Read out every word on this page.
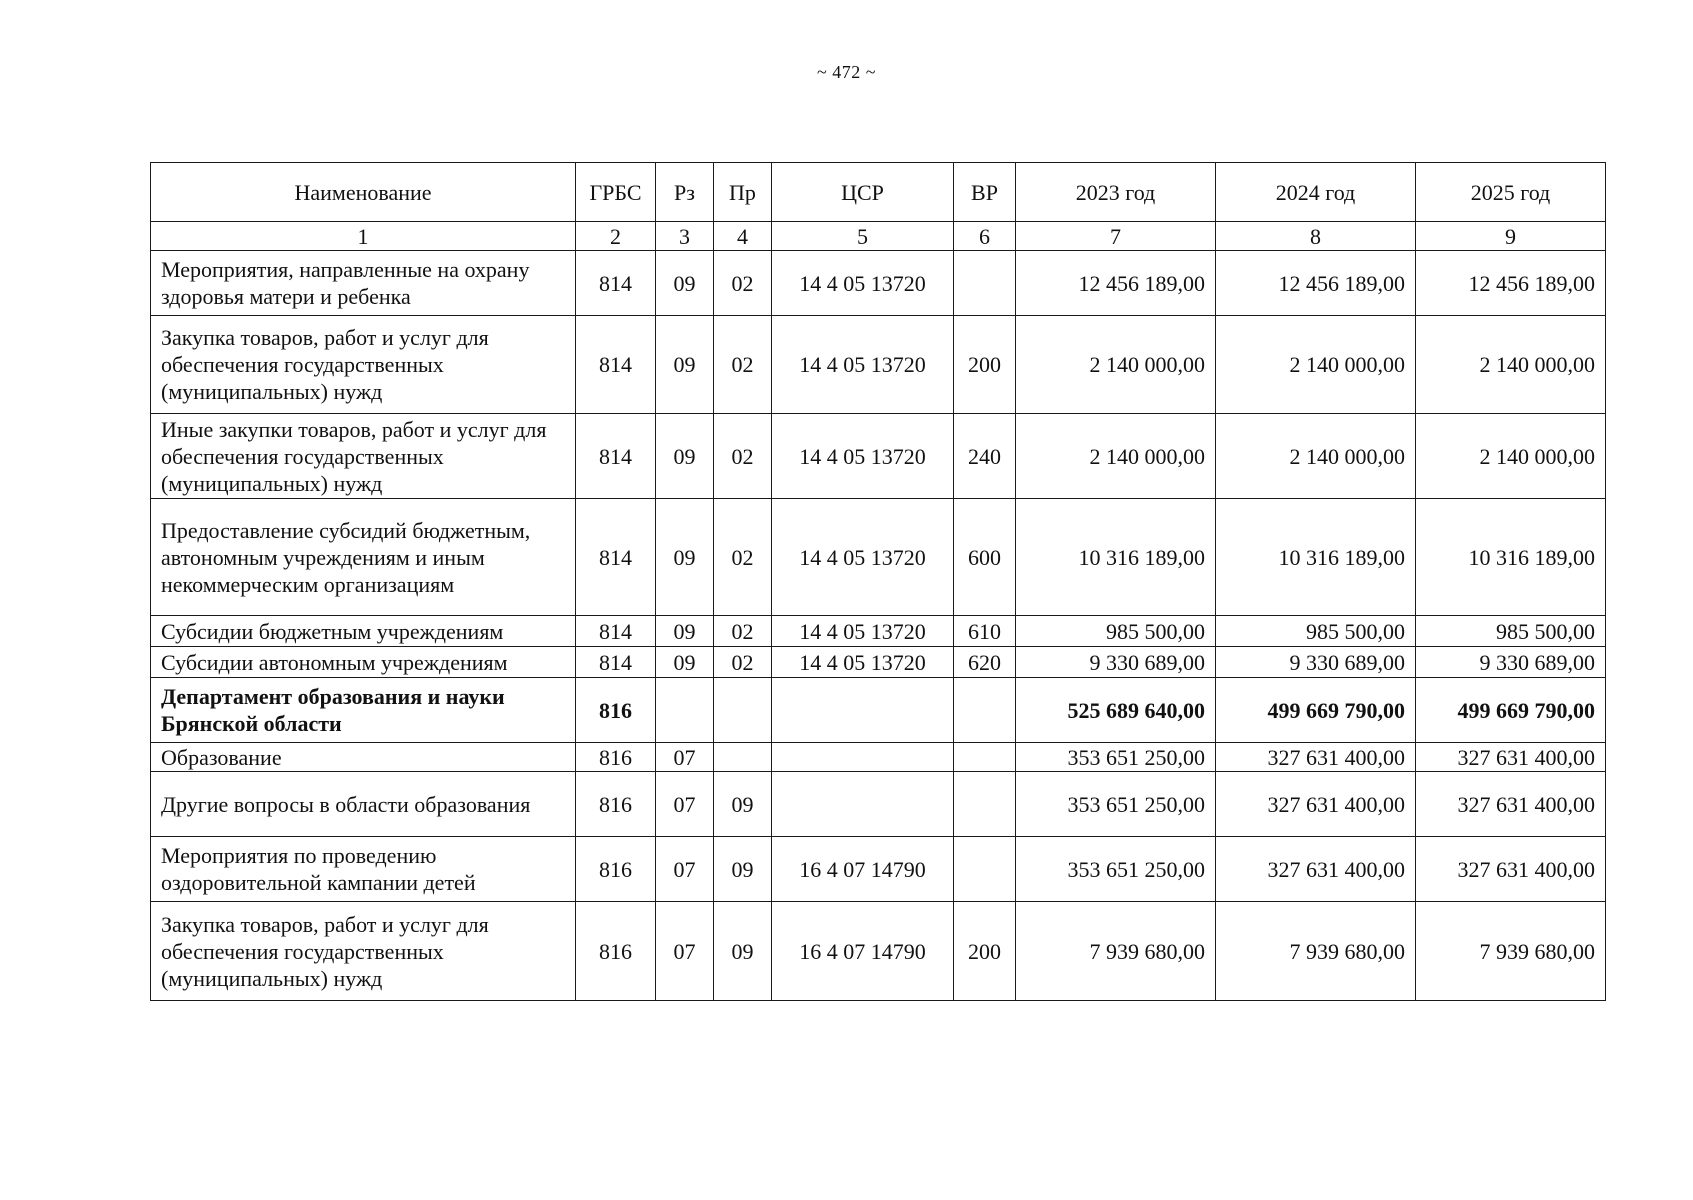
~ 472 ~
Наименование	ГРБС	Рз	Пр	ЦСР	ВР	2023 год	2024 год	2025 год
1	2	3	4	5	6	7	8	9
Мероприятия, направленные на охрану здоровья матери и ребенка	814	09	02	14 4 05 13720		12 456 189,00	12 456 189,00	12 456 189,00
Закупка товаров, работ и услуг для обеспечения государственных (муниципальных) нужд	814	09	02	14 4 05 13720	200	2 140 000,00	2 140 000,00	2 140 000,00
Иные закупки товаров, работ и услуг для обеспечения государственных (муниципальных) нужд	814	09	02	14 4 05 13720	240	2 140 000,00	2 140 000,00	2 140 000,00
Предоставление субсидий бюджетным, автономным учреждениям и иным некоммерческим организациям	814	09	02	14 4 05 13720	600	10 316 189,00	10 316 189,00	10 316 189,00
Субсидии бюджетным учреждениям	814	09	02	14 4 05 13720	610	985 500,00	985 500,00	985 500,00
Субсидии автономным учреждениям	814	09	02	14 4 05 13720	620	9 330 689,00	9 330 689,00	9 330 689,00
Департамент образования и науки Брянской области	816					525 689 640,00	499 669 790,00	499 669 790,00
Образование	816	07				353 651 250,00	327 631 400,00	327 631 400,00
Другие вопросы в области образования	816	07	09			353 651 250,00	327 631 400,00	327 631 400,00
Мероприятия по проведению оздоровительной кампании детей	816	07	09	16 4 07 14790		353 651 250,00	327 631 400,00	327 631 400,00
Закупка товаров, работ и услуг для обеспечения государственных (муниципальных) нужд	816	07	09	16 4 07 14790	200	7 939 680,00	7 939 680,00	7 939 680,00
